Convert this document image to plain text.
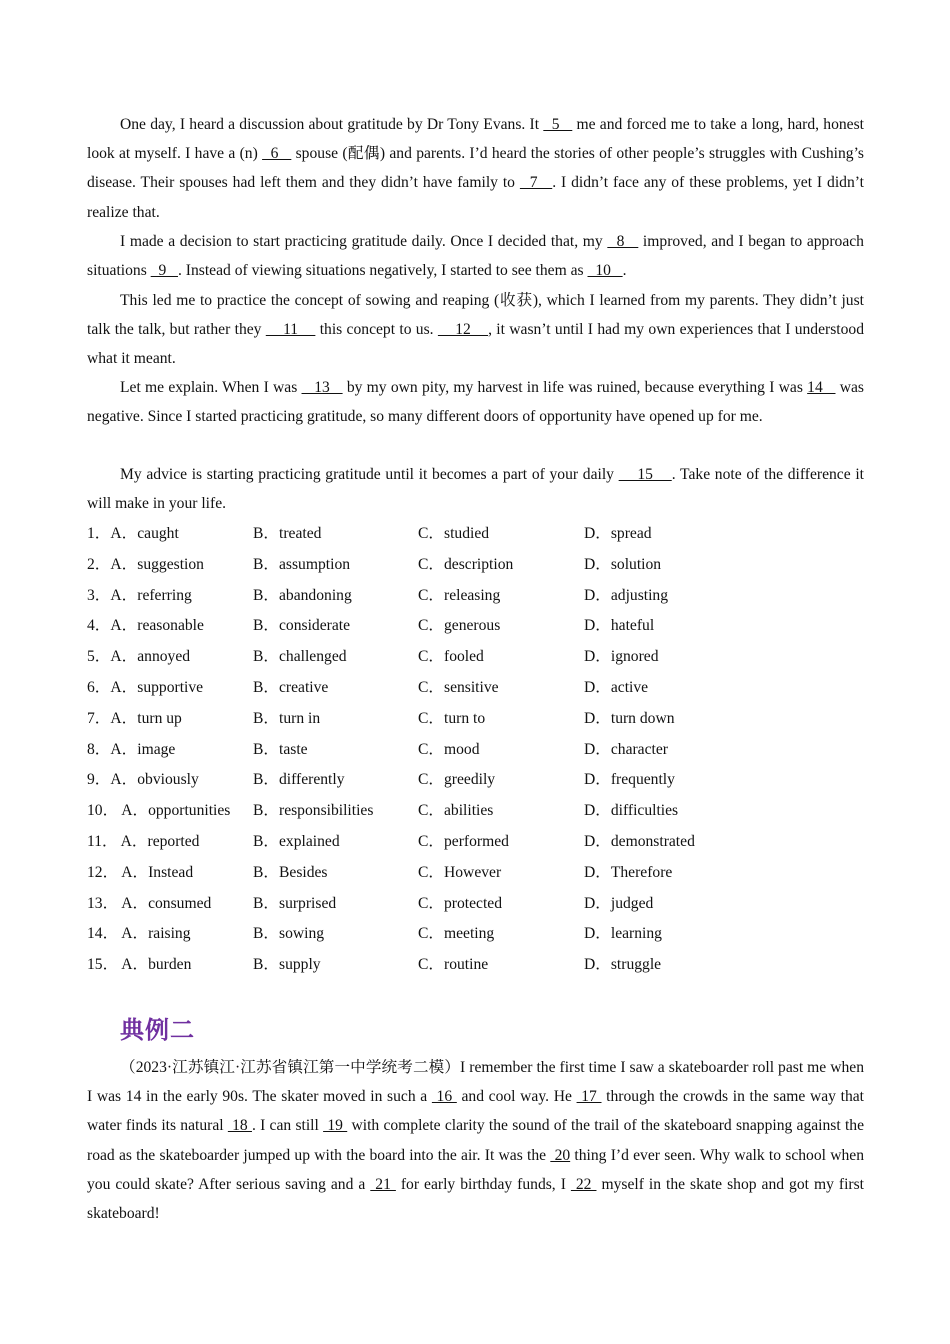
One day, I heard a discussion about gratitude by Dr Tony Evans. It   5    me and forced me to take a long, hard, honest look at myself. I have a (n)   6    spouse (配偶) and parents. I’d heard the stories of other people’s struggles with Cushing’s disease. Their spouses had left them and they didn’t have family to   7   . I didn’t face any of these problems, yet I didn’t realize that.
I made a decision to start practicing gratitude daily. Once I decided that, my   8    improved, and I began to approach situations   9   . Instead of viewing situations negatively, I started to see them as   10   .
This led me to practice the concept of sowing and reaping (收获), which I learned from my parents. They didn’t just talk the talk, but rather they     11     this concept to us.     12    , it wasn’t until I had my own experiences that I understood what it meant.
Let me explain. When I was    13    by my own pity, my harvest in life was ruined, because everything I was 14    was negative. Since I started practicing gratitude, so many different doors of opportunity have opened up for me.
My advice is starting practicing gratitude until it becomes a part of your daily     15    . Take note of the difference it will make in your life.
1．A．caught	B．treated	C．studied	D．spread
2．A．suggestion	B．assumption	C．description	D．solution
3．A．referring	B．abandoning	C．releasing	D．adjusting
4．A．reasonable	B．considerate	C．generous	D．hateful
5．A．annoyed	B．challenged	C．fooled	D．ignored
6．A．supportive	B．creative	C．sensitive	D．active
7．A．turn up	B．turn in	C．turn to	D．turn down
8．A．image	B．taste	C．mood	D．character
9．A．obviously	B．differently	C．greedily	D．frequently
10． A．opportunities B．responsibilities	C．abilities	D．difficulties
11． A．reported	B．explained	C．performed	D．demonstrated
12． A．Instead	B．Besides	C．However	D．Therefore
13． A．consumed	B．surprised	C．protected	D．judged
14． A．raising	B．sowing	C．meeting	D．learning
15． A．burden	B．supply	C．routine	D．struggle
典例二
（2023·江苏镇江·江苏省镇江第一中学统考二模）I remember the first time I saw a skateboarder roll past me when I was 14 in the early 90s. The skater moved in such a  16  and cool way. He  17  through the crowds in the same way that water finds its natural  18 . I can still  19  with complete clarity the sound of the trail of the skateboard snapping against the road as the skateboarder jumped up with the board into the air. It was the  20 thing I’d ever seen. Why walk to school when you could skate? After serious saving and a  21  for early birthday funds, I  22  myself in the skate shop and got my first skateboard!
